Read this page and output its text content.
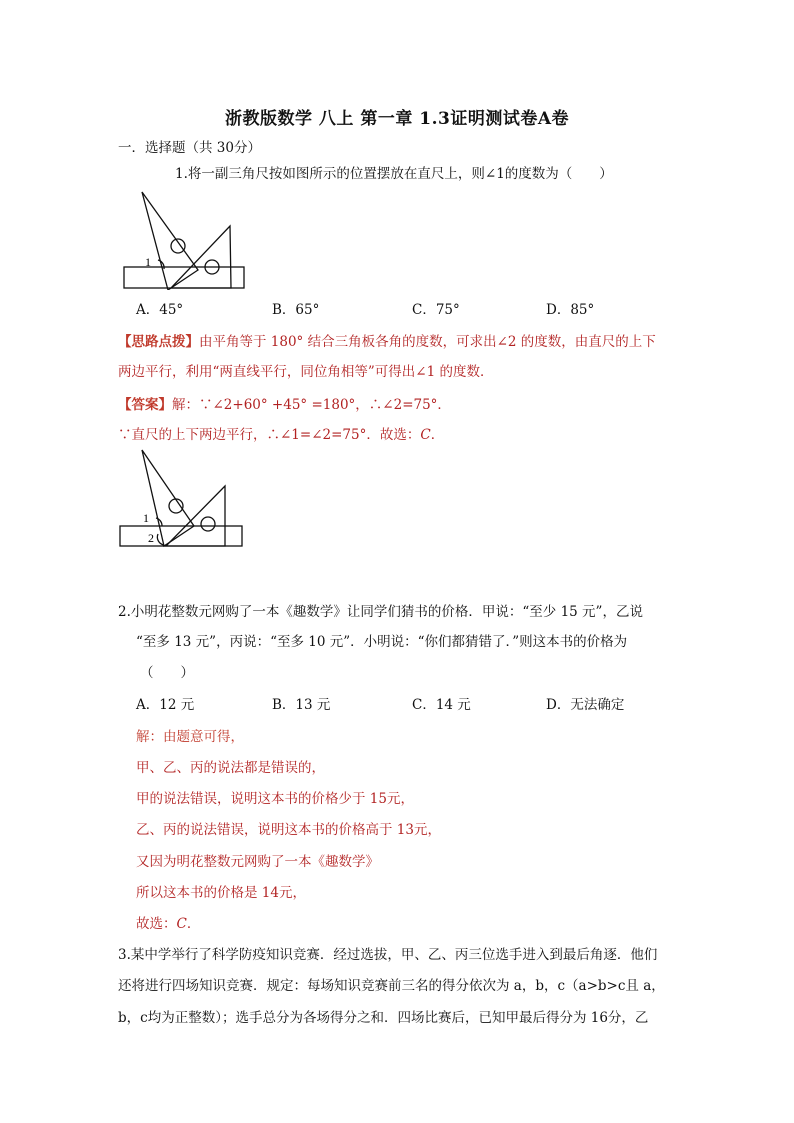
浙教版数学 八上 第一章 1.3证明测试卷A卷
一．选择题（共 30分）
1.将一副三角尺按如图所示的位置摆放在直尺上，则∠1的度数为（　　）
1
A．45°	B．65°	C．75°	D．85°
【思路点拨】由平角等于 180° 结合三角板各角的度数，可求出∠2 的度数，由直尺的上下
两边平行，利用“两直线平行，同位角相等”可得出∠1 的度数．
【答案】解：∵∠2+60° +45° =180°，∴∠2=75°．
∵直尺的上下两边平行，∴∠1=∠2=75°．故选：C．
1
2
2.小明花整数元网购了一本《趣数学》让同学们猜书的价格．甲说：“至少 15 元”，乙说
“至多 13 元”，丙说：“至多 10 元”．小明说：“你们都猜错了．”则这本书的价格为
（　　）
A．12 元	B．13 元	C．14 元	D．无法确定
解：由题意可得，
甲、乙、丙的说法都是错误的，
甲的说法错误，说明这本书的价格少于 15元，
乙、丙的说法错误，说明这本书的价格高于 13元，
又因为明花整数元网购了一本《趣数学》
所以这本书的价格是 14元，
故选：C．
3.某中学举行了科学防疫知识竞赛．经过选拔，甲、乙、丙三位选手进入到最后角逐．他们
还将进行四场知识竞赛．规定：每场知识竞赛前三名的得分依次为 a，b，c（a>b>c且 a，
b，c均为正整数）；选手总分为各场得分之和．四场比赛后，已知甲最后得分为 16分，乙
